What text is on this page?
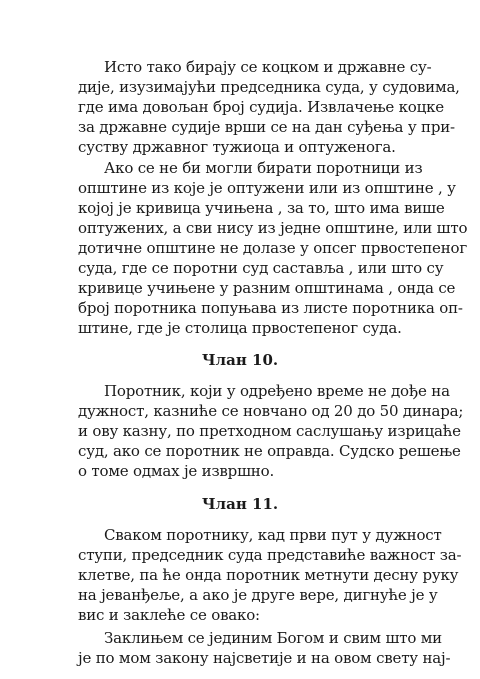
Исто тако бирају се коцком и државне су-
дије, изузимајући председника суда, у судовима,
где има довољан број судија. Извлачење коцке
за државне судије врши се на дан суђења у при-
суству државног тужиоца и оптуженога.
Ако се не би могли бирати поротници из
општине из које је оптужени или из општине , у
којој је кривица учињена , за то, што има више
оптужених, а сви нису из једне општине, или што
дотичне општине не долазе у опсег првостепеног
суда, где се поротни суд саставља , или што су
кривице учињене у разним општинама , онда се
број поротника попуњава из листе поротника оп-
штине, где је столица првостепеног суда.
Члан 10.
Поротник, који у одређено време не дође на
дужност, казниће се новчано од 20 до 50 динара;
и ову казну, по претходном саслушању изрицаће
суд, ако се поротник не оправда. Судско решење
о томе одмах је извршно.
Члан 11.
Сваком поротнику, кад први пут у дужност
ступи, председник суда представиће важност за-
клетве, па ће онда поротник метнути десну руку
на јеванђеље, а ако је друге вере, дигнуће је у
вис и заклеће се овако:
Заклињем се јединим Богом и свим што ми
је по мом закону најсветије и на овом свету нај-
